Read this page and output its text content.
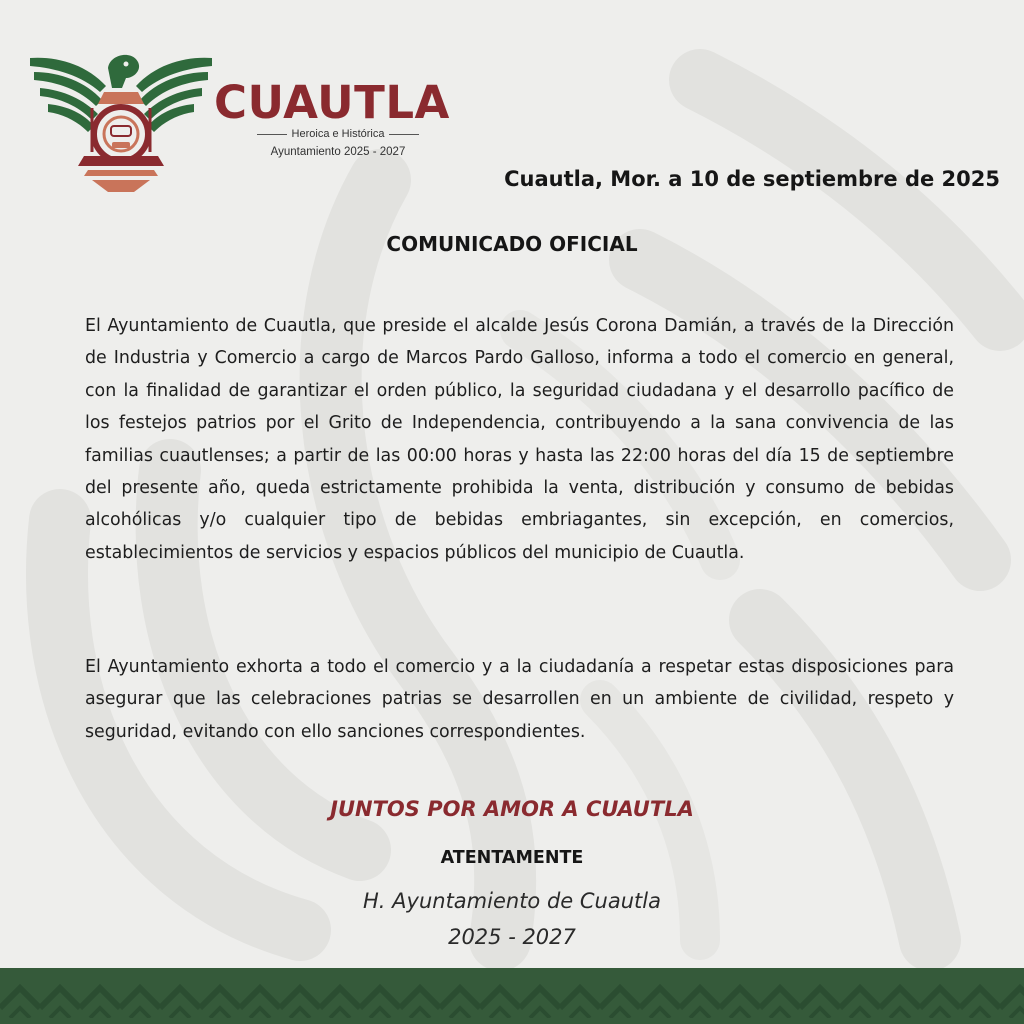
CUAUTLA
Heroica e Histórica
Ayuntamiento 2025 - 2027
Cuautla, Mor. a 10 de septiembre de 2025
COMUNICADO OFICIAL

El Ayuntamiento de Cuautla, que preside el alcalde Jesús Corona Damián, a través de la Dirección de Industria y Comercio a cargo de Marcos Pardo Galloso, informa a todo el comercio en general, con la finalidad de garantizar el orden público, la seguridad ciudadana y el desarrollo pacífico de los festejos patrios por el Grito de Independencia, contribuyendo a la sana convivencia de las familias cuautlenses; a partir de las 00:00 horas y hasta las 22:00 horas del día 15 de septiembre del presente año, queda estrictamente prohibida la venta, distribución y consumo de bebidas alcohólicas y/o cualquier tipo de bebidas embriagantes, sin excepción, en comercios, establecimientos de servicios y espacios públicos del municipio de Cuautla.

El Ayuntamiento exhorta a todo el comercio y a la ciudadanía a respetar estas disposiciones para asegurar que las celebraciones patrias se desarrollen en un ambiente de civilidad, respeto y seguridad, evitando con ello sanciones correspondientes.

JUNTOS POR AMOR A CUAUTLA
ATENTAMENTE
H. Ayuntamiento de Cuautla
2025 - 2027
